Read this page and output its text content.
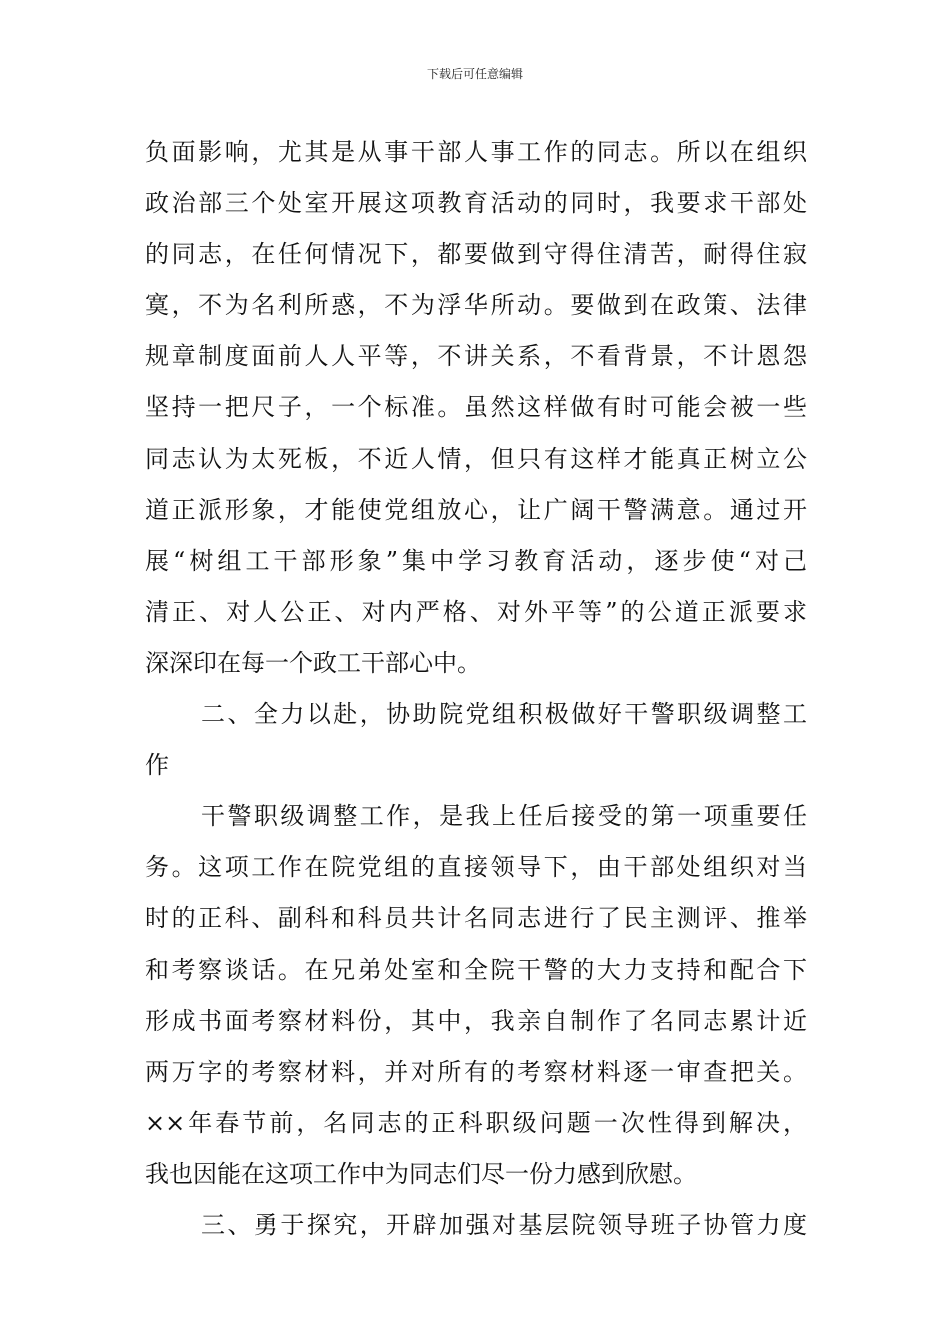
下载后可任意编辑
负面影响，尤其是从事干部人事工作的同志。所以在组织
政治部三个处室开展这项教育活动的同时，我要求干部处
的同志，在任何情况下，都要做到守得住清苦，耐得住寂
寞，不为名利所惑，不为浮华所动。要做到在政策、法律
规章制度面前人人平等，不讲关系，不看背景，不计恩怨
坚持一把尺子，一个标准。虽然这样做有时可能会被一些
同志认为太死板，不近人情，但只有这样才能真正树立公
道正派形象，才能使党组放心，让广阔干警满意。通过开
展“树组工干部形象”集中学习教育活动，逐步使“对己
清正、对人公正、对内严格、对外平等”的公道正派要求
深深印在每一个政工干部心中。
二、全力以赴，协助院党组积极做好干警职级调整工
作
干警职级调整工作，是我上任后接受的第一项重要任
务。这项工作在院党组的直接领导下，由干部处组织对当
时的正科、副科和科员共计名同志进行了民主测评、推举
和考察谈话。在兄弟处室和全院干警的大力支持和配合下
形成书面考察材料份，其中，我亲自制作了名同志累计近
两万字的考察材料，并对所有的考察材料逐一审查把关。
××年春节前，名同志的正科职级问题一次性得到解决，
我也因能在这项工作中为同志们尽一份力感到欣慰。
三、勇于探究，开辟加强对基层院领导班子协管力度
